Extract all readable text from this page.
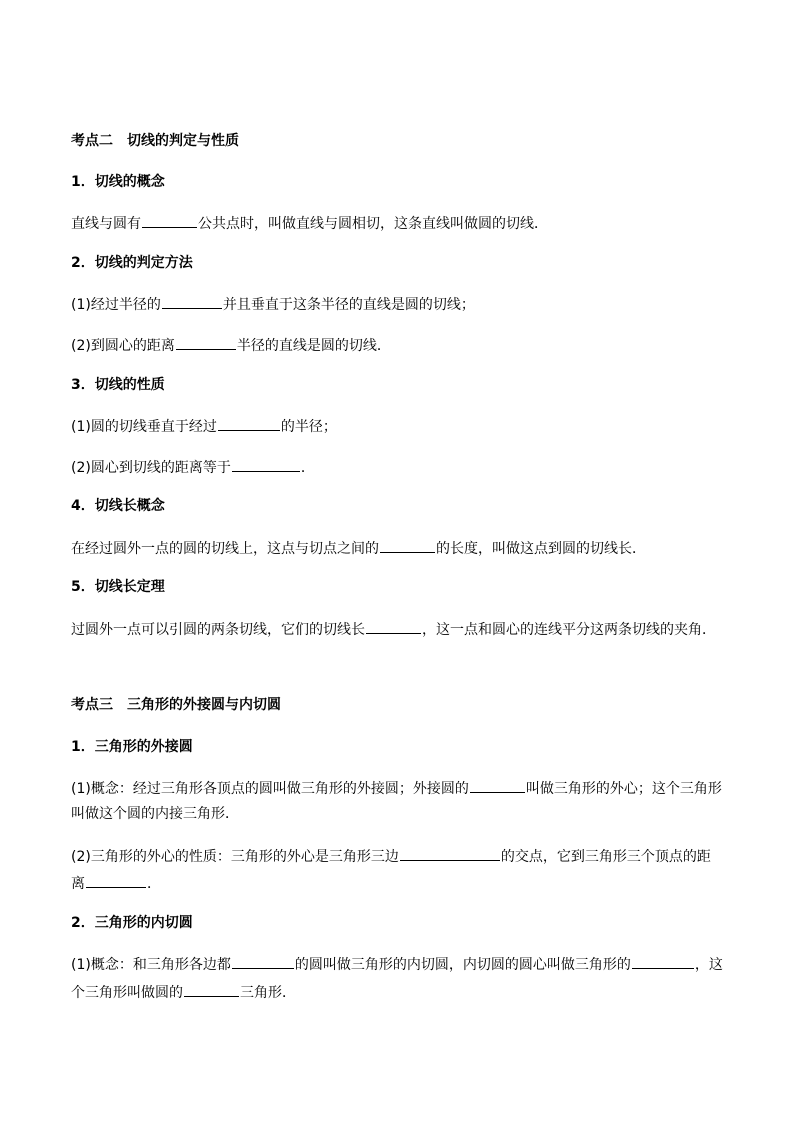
考点二　切线的判定与性质
1．切线的概念
直线与圆有	公共点时，叫做直线与圆相切，这条直线叫做圆的切线．
2．切线的判定方法
(1)经过半径的	并且垂直于这条半径的直线是圆的切线；
(2)到圆心的距离	半径的直线是圆的切线．
3．切线的性质
(1)圆的切线垂直于经过	的半径；
(2)圆心到切线的距离等于	．
4．切线长概念
在经过圆外一点的圆的切线上，这点与切点之间的	的长度，叫做这点到圆的切线长．
5．切线长定理
过圆外一点可以引圆的两条切线，它们的切线长	，这一点和圆心的连线平分这两条切线的夹角．
考点三　三角形的外接圆与内切圆
1．三角形的外接圆
(1)概念：经过三角形各顶点的圆叫做三角形的外接圆；外接圆的	叫做三角形的外心；这个三角形
叫做这个圆的内接三角形．
(2)三角形的外心的性质：三角形的外心是三角形三边	的交点，它到三角形三个顶点的距
离	．
2．三角形的内切圆
(1)概念：和三角形各边都	的圆叫做三角形的内切圆，内切圆的圆心叫做三角形的	，这
个三角形叫做圆的	三角形．
